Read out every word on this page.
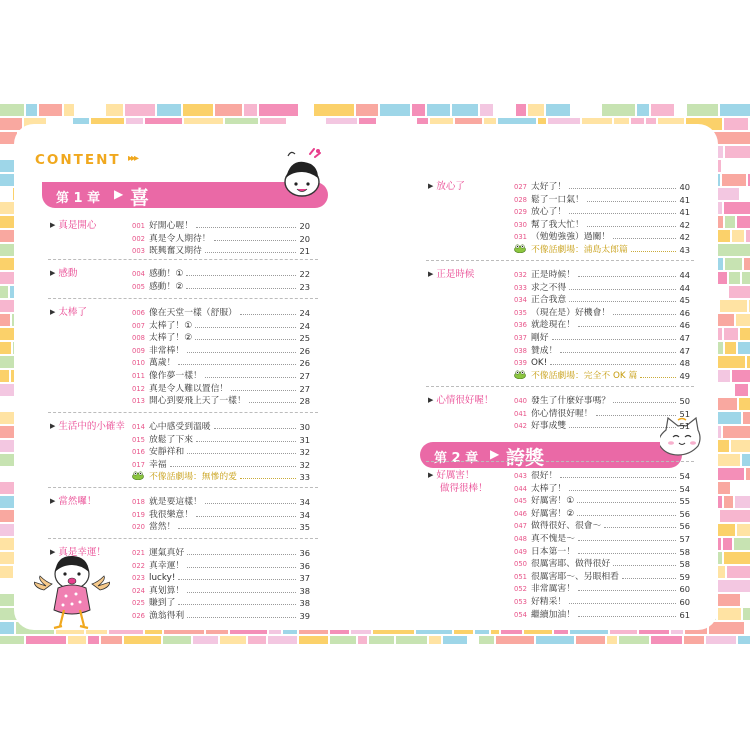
CONTENT ▸▸▸
第 1 章 ▶ 喜
第 2 章 ▶ 誇獎
▶ 真是開心	001 好開心喔！	20
002 真是令人期待！	20
003 既興奮又期待	21
▶ 感動	004 感動！①	22
005 感動！②	23
▶ 太棒了	006 像在天堂一樣（舒服）	24
007 太棒了！①	24
008 太棒了！②	25
009 非常棒！	26
010 萬歲！	26
011 像作夢一樣！	27
012 真是令人難以置信！	27
013 開心到要飛上天了一樣！	28
▶ 生活中的小確幸 014 心中感受到溫暖	30
015 放鬆了下來	31
016 安靜祥和	32
017 幸福	32
不像話劇場：無慘的愛	33
▶ 當然囉！	018 就是要這樣！	34
019 我很樂意！	34
020 當然！	35
▶ 真是幸運！	021 運氣真好	36
022 真幸運！	36
023 lucky!	37
024 真划算！	38
025 賺到了	38
026 漁翁得利	39
▶ 放心了	027 太好了！	40
028 鬆了一口氣！	41
029 放心了！	41
030 幫了我大忙！	42
031 （勉勉強強）過關！	42
不像話劇場：浦島太郎篇	43
▶ 正是時候	032 正是時候！	44
033 求之不得	44
034 正合我意	45
035 （現在是）好機會！	46
036 就趁現在！	46
037 剛好	47
038 贊成！	47
039 OK!	48
不像話劇場：完全不 OK 篇	49
▶ 心情很好喔！	040 發生了什麼好事嗎？	50
041 你心情很好喔！	51
042 好事成雙	51
▶ 好厲害！
做得很棒！
043 很好！	54
044 太棒了！	54
045 好厲害！①	55
046 好厲害！②	56
047 做得很好、很會～	56
048 真不愧是～	57
049 日本第一！	58
050 很厲害耶、做得很好	58
051 很厲害耶～、另眼相看	59
052 非常厲害！	60
053 好精采！	60
054 繼續加油！	61
